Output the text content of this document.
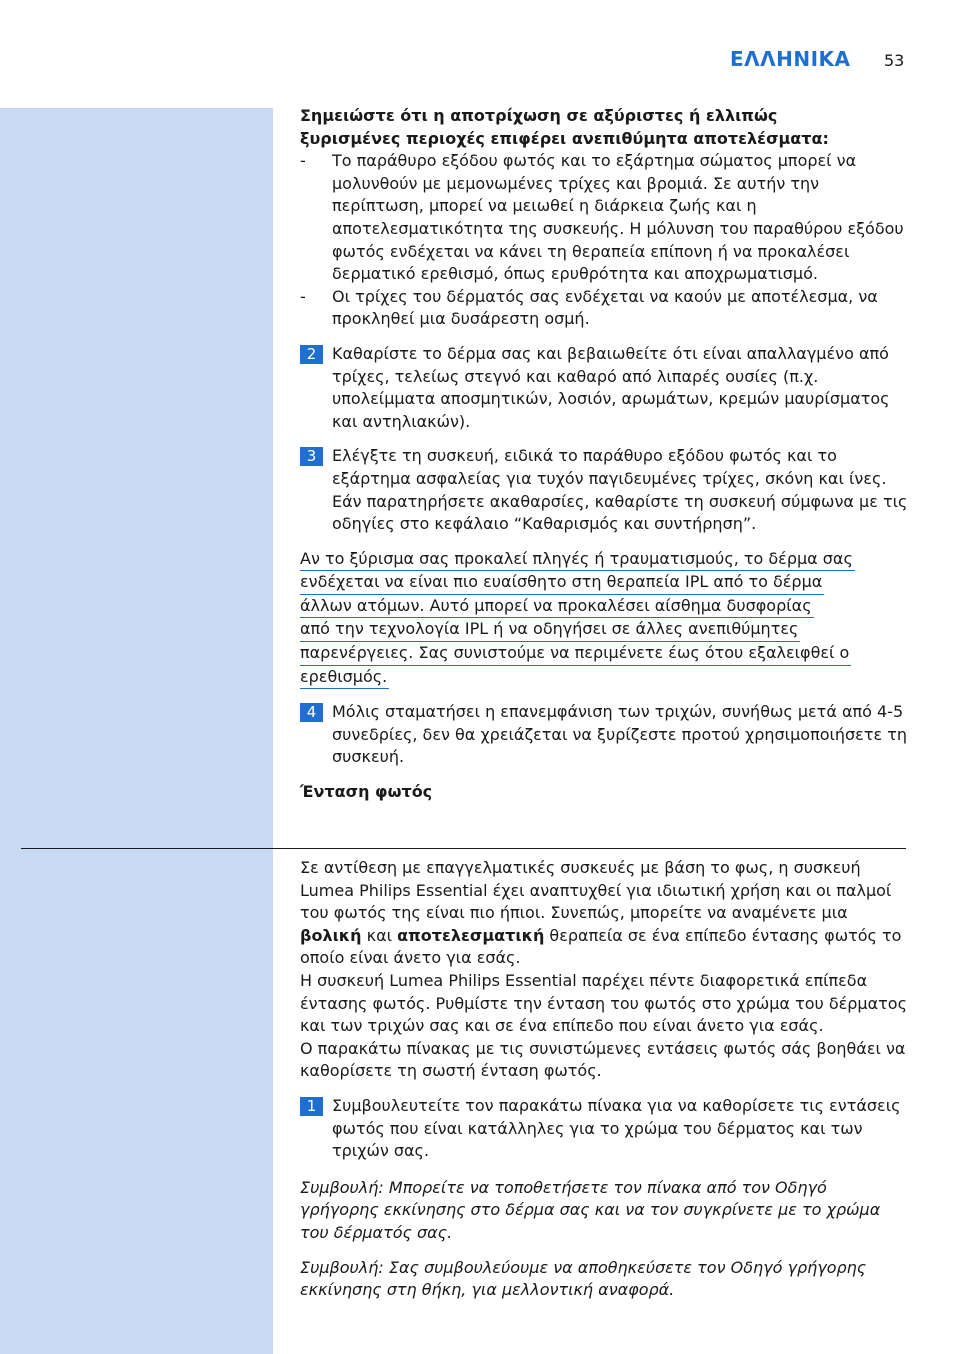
ΕΛΛΗΝΙΚΑ 53
Σημειώστε ότι η αποτρίχωση σε αξύριστες ή ελλιπώς
ξυρισμένες περιοχές επιφέρει ανεπιθύμητα αποτελέσματα:
- Το παράθυρο εξόδου φωτός και το εξάρτημα σώματος μπορεί να μολυνθούν με μεμονωμένες τρίχες και βρομιά. Σε αυτήν την περίπτωση, μπορεί να μειωθεί η διάρκεια ζωής και η αποτελεσματικότητα της συσκευής. Η μόλυνση του παραθύρου εξόδου φωτός ενδέχεται να κάνει τη θεραπεία επίπονη ή να προκαλέσει δερματικό ερεθισμό, όπως ερυθρότητα και αποχρωματισμό.
- Οι τρίχες του δέρματός σας ενδέχεται να καούν με αποτέλεσμα, να προκληθεί μια δυσάρεστη οσμή.
2 Καθαρίστε το δέρμα σας και βεβαιωθείτε ότι είναι απαλλαγμένο από τρίχες, τελείως στεγνό και καθαρό από λιπαρές ουσίες (π.χ. υπολείμματα αποσμητικών, λοσιόν, αρωμάτων, κρεμών μαυρίσματος και αντηλιακών).
3 Ελέγξτε τη συσκευή, ειδικά το παράθυρο εξόδου φωτός και το εξάρτημα ασφαλείας για τυχόν παγιδευμένες τρίχες, σκόνη και ίνες. Εάν παρατηρήσετε ακαθαρσίες, καθαρίστε τη συσκευή σύμφωνα με τις οδηγίες στο κεφάλαιο “Καθαρισμός και συντήρηση”.
Αν το ξύρισμα σας προκαλεί πληγές ή τραυματισμούς, το δέρμα σας
ενδέχεται να είναι πιο ευαίσθητο στη θεραπεία IPL από το δέρμα
άλλων ατόμων. Αυτό μπορεί να προκαλέσει αίσθημα δυσφορίας
από την τεχνολογία IPL ή να οδηγήσει σε άλλες ανεπιθύμητες
παρενέργειες. Σας συνιστούμε να περιμένετε έως ότου εξαλειφθεί ο
ερεθισμός.
4 Μόλις σταματήσει η επανεμφάνιση των τριχών, συνήθως μετά από 4-5 συνεδρίες, δεν θα χρειάζεται να ξυρίζεστε προτού χρησιμοποιήσετε τη συσκευή.
Ένταση φωτός
Σε αντίθεση με επαγγελματικές συσκευές με βάση το φως, η συσκευή Lumea Philips Essential έχει αναπτυχθεί για ιδιωτική χρήση και οι παλμοί του φωτός της είναι πιο ήπιοι. Συνεπώς, μπορείτε να αναμένετε μια βολική και αποτελεσματική θεραπεία σε ένα επίπεδο έντασης φωτός το οποίο είναι άνετο για εσάς.
Η συσκευή Lumea Philips Essential παρέχει πέντε διαφορετικά επίπεδα έντασης φωτός. Ρυθμίστε την ένταση του φωτός στο χρώμα του δέρματος και των τριχών σας και σε ένα επίπεδο που είναι άνετο για εσάς.
Ο παρακάτω πίνακας με τις συνιστώμενες εντάσεις φωτός σάς βοηθάει να καθορίσετε τη σωστή ένταση φωτός.
1 Συμβουλευτείτε τον παρακάτω πίνακα για να καθορίσετε τις εντάσεις φωτός που είναι κατάλληλες για το χρώμα του δέρματος και των τριχών σας.
Συμβουλή: Μπορείτε να τοποθετήσετε τον πίνακα από τον Οδηγό γρήγορης εκκίνησης στο δέρμα σας και να τον συγκρίνετε με το χρώμα του δέρματός σας.
Συμβουλή: Σας συμβουλεύουμε να αποθηκεύσετε τον Οδηγό γρήγορης εκκίνησης στη θήκη, για μελλοντική αναφορά.
